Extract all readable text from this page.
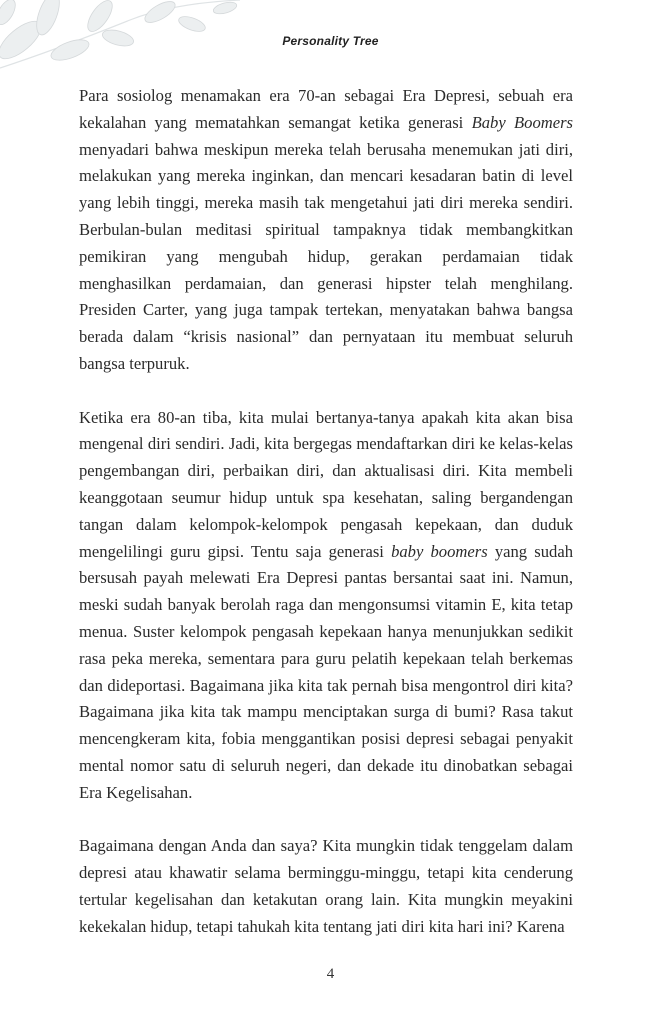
Personality Tree

Para sosiolog menamakan era 70-an sebagai Era Depresi, sebuah era kekalahan yang mematahkan semangat ketika generasi Baby Boomers menyadari bahwa meskipun mereka telah berusaha menemukan jati diri, melakukan yang mereka inginkan, dan mencari kesadaran batin di level yang lebih tinggi, mereka masih tak mengetahui jati diri mereka sendiri. Berbulan-bulan meditasi spiritual tampaknya tidak membangkitkan pemikiran yang mengubah hidup, gerakan perdamaian tidak menghasilkan perdamaian, dan generasi hipster telah menghilang. Presiden Carter, yang juga tampak tertekan, menyatakan bahwa bangsa berada dalam “krisis nasional” dan pernyataan itu membuat seluruh bangsa terpuruk.

Ketika era 80-an tiba, kita mulai bertanya-tanya apakah kita akan bisa mengenal diri sendiri. Jadi, kita bergegas mendaftarkan diri ke kelas-kelas pengembangan diri, perbaikan diri, dan aktualisasi diri. Kita membeli keanggotaan seumur hidup untuk spa kesehatan, saling bergandengan tangan dalam kelompok-kelompok pengasah kepekaan, dan duduk mengelilingi guru gipsi. Tentu saja generasi baby boomers yang sudah bersusah payah melewati Era Depresi pantas bersantai saat ini. Namun, meski sudah banyak berolah raga dan mengonsumsi vitamin E, kita tetap menua. Suster kelompok pengasah kepekaan hanya menunjukkan sedikit rasa peka mereka, sementara para guru pelatih kepekaan telah berkemas dan dideportasi. Bagaimana jika kita tak pernah bisa mengontrol diri kita? Bagaimana jika kita tak mampu menciptakan surga di bumi? Rasa takut mencengkeram kita, fobia menggantikan posisi depresi sebagai penyakit mental nomor satu di seluruh negeri, dan dekade itu dinobatkan sebagai Era Kegelisahan.

Bagaimana dengan Anda dan saya? Kita mungkin tidak tenggelam dalam depresi atau khawatir selama berminggu-minggu, tetapi kita cenderung tertular kegelisahan dan ketakutan orang lain. Kita mungkin meyakini kekekalan hidup, tetapi tahukah kita tentang jati diri kita hari ini? Karena

4
